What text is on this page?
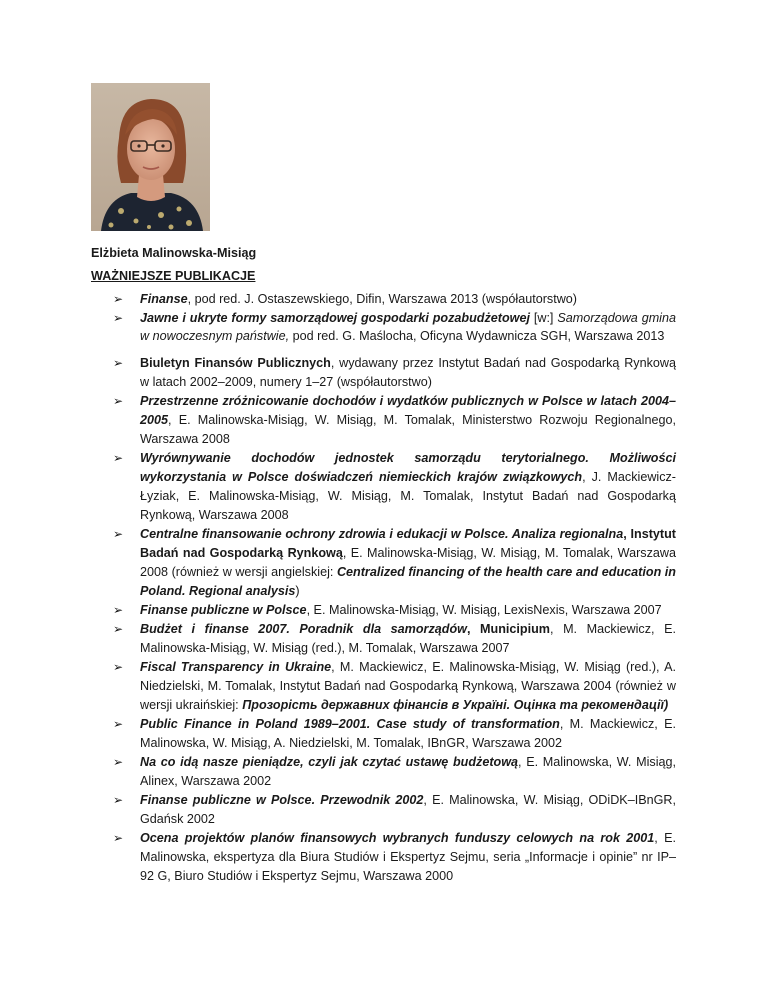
Elżbieta Malinowska-Misiąg
WAŻNIEJSZE PUBLIKACJE
➢ Finanse, pod red. J. Ostaszewskiego, Difin, Warszawa 2013 (współautorstwo)
➢ Jawne i ukryte formy samorządowej gospodarki pozabudżetowej [w:] Samorządowa gmina w nowoczesnym państwie, pod red. G. Maślocha, Oficyna Wydawnicza SGH, Warszawa 2013
➢ Biuletyn Finansów Publicznych, wydawany przez Instytut Badań nad Gospodarką Rynkową w latach 2002–2009, numery 1–27 (współautorstwo)
➢ Przestrzenne zróżnicowanie dochodów i wydatków publicznych w Polsce w latach 2004–2005, E. Malinowska-Misiąg, W. Misiąg, M. Tomalak, Ministerstwo Rozwoju Regionalnego, Warszawa 2008
➢ Wyrównywanie dochodów jednostek samorządu terytorialnego. Możliwości wykorzystania w Polsce doświadczeń niemieckich krajów związkowych, J. Mackiewicz-Łyziak, E. Malinowska-Misiąg, W. Misiąg, M. Tomalak, Instytut Badań nad Gospodarką Rynkową, Warszawa 2008
➢ Centralne finansowanie ochrony zdrowia i edukacji w Polsce. Analiza regionalna, Instytut Badań nad Gospodarką Rynkową, E. Malinowska-Misiąg, W. Misiąg, M. Tomalak, Warszawa 2008 (również w wersji angielskiej: Centralized financing of the health care and education in Poland. Regional analysis)
➢ Finanse publiczne w Polsce, E. Malinowska-Misiąg, W. Misiąg, LexisNexis, Warszawa 2007
➢ Budżet i finanse 2007. Poradnik dla samorządów, Municipium, M. Mackiewicz, E. Malinowska-Misiąg, W. Misiąg (red.), M. Tomalak, Warszawa 2007
➢ Fiscal Transparency in Ukraine, M. Mackiewicz, E. Malinowska-Misiąg, W. Misiąg (red.), A. Niedzielski, M. Tomalak, Instytut Badań nad Gospodarką Rynkową, Warszawa 2004 (również w wersji ukraińskiej: Прозорість державних фінансів в Україні. Оцінка та рекомендації)
➢ Public Finance in Poland 1989–2001. Case study of transformation, M. Mackiewicz, E. Malinowska, W. Misiąg, A. Niedzielski, M. Tomalak, IBnGR, Warszawa 2002
➢ Na co idą nasze pieniądze, czyli jak czytać ustawę budżetową, E. Malinowska, W. Misiąg, Alinex, Warszawa 2002
➢ Finanse publiczne w Polsce. Przewodnik 2002, E. Malinowska, W. Misiąg, ODiDK–IBnGR, Gdańsk 2002
➢ Ocena projektów planów finansowych wybranych funduszy celowych na rok 2001, E. Malinowska, ekspertyza dla Biura Studiów i Ekspertyz Sejmu, seria „Informacje i opinie” nr IP–92 G, Biuro Studiów i Ekspertyz Sejmu, Warszawa 2000
